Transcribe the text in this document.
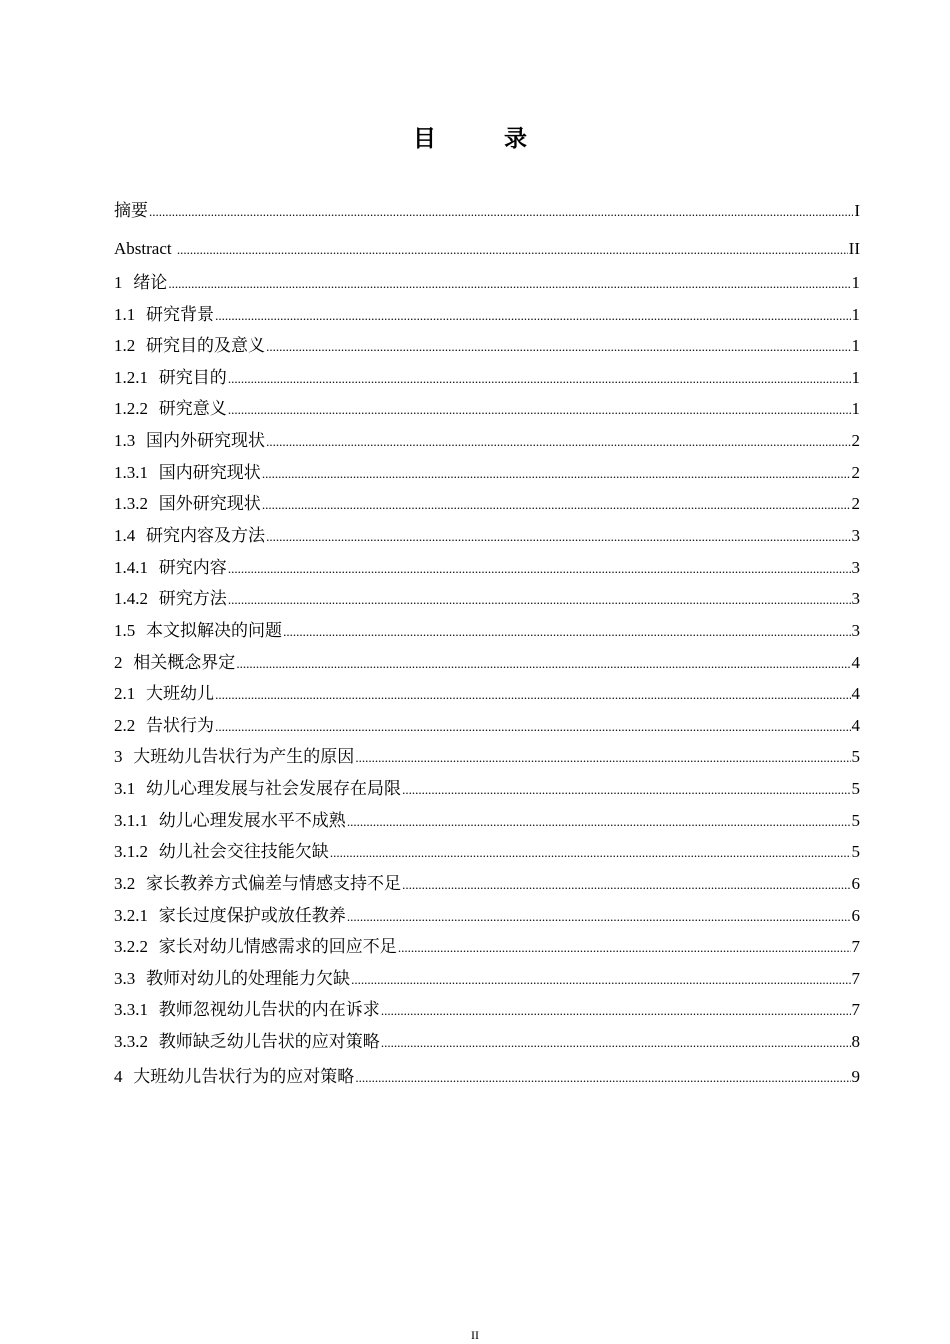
目 录
摘要 .....	I
Abstract .....	II
1  绪论 .....	1
1.1  研究背景 .....	1
1.2  研究目的及意义 .....	1
1.2.1  研究目的 .....	1
1.2.2  研究意义 .....	1
1.3  国内外研究现状 .....	2
1.3.1  国内研究现状 .....	2
1.3.2  国外研究现状 .....	2
1.4  研究内容及方法 .....	3
1.4.1  研究内容 .....	3
1.4.2  研究方法 .....	3
1.5  本文拟解决的问题 .....	3
2  相关概念界定 .....	4
2.1  大班幼儿 .....	4
2.2  告状行为 .....	4
3  大班幼儿告状行为产生的原因 .....	5
3.1  幼儿心理发展与社会发展存在局限 .....	5
3.1.1  幼儿心理发展水平不成熟 .....	5
3.1.2  幼儿社会交往技能欠缺 .....	5
3.2  家长教养方式偏差与情感支持不足 .....	6
3.2.1  家长过度保护或放任教养 .....	6
3.2.2  家长对幼儿情感需求的回应不足 .....	7
3.3  教师对幼儿的处理能力欠缺 .....	7
3.3.1  教师忽视幼儿告状的内在诉求 .....	7
3.3.2  教师缺乏幼儿告状的应对策略 .....	8
4  大班幼儿告状行为的应对策略 .....	9
II
